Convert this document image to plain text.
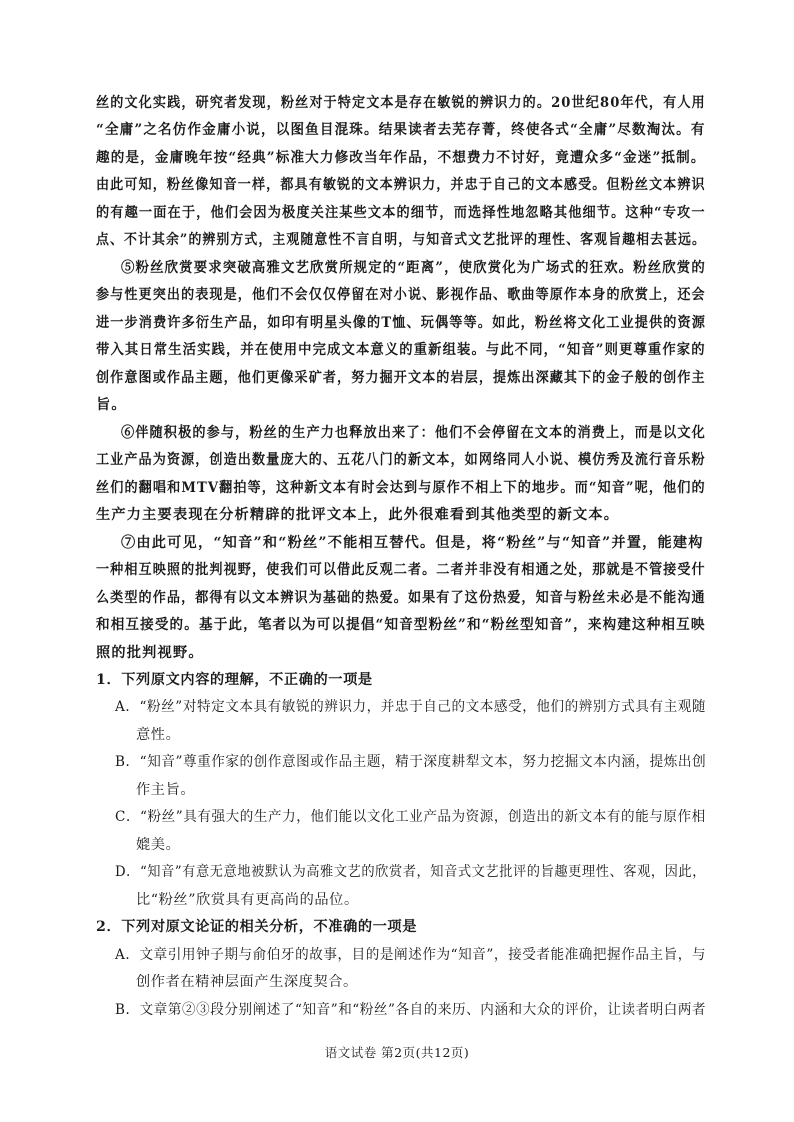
丝的文化实践，研究者发现，粉丝对于特定文本是存在敏锐的辨识力的。20世纪80年代，有人用
“全庸”之名仿作金庸小说，以图鱼目混珠。结果读者去芜存菁，终使各式“全庸”尽数淘汰。有
趣的是，金庸晚年按“经典”标准大力修改当年作品，不想费力不讨好，竟遭众多“金迷”抵制。
由此可知，粉丝像知音一样，都具有敏锐的文本辨识力，并忠于自己的文本感受。但粉丝文本辨识
的有趣一面在于，他们会因为极度关注某些文本的细节，而选择性地忽略其他细节。这种“专攻一
点、不计其余”的辨别方式，主观随意性不言自明，与知音式文艺批评的理性、客观旨趣相去甚远。
⑤粉丝欣赏要求突破高雅文艺欣赏所规定的“距离”，使欣赏化为广场式的狂欢。粉丝欣赏的
参与性更突出的表现是，他们不会仅仅停留在对小说、影视作品、歌曲等原作本身的欣赏上，还会
进一步消费许多衍生产品，如印有明星头像的T恤、玩偶等等。如此，粉丝将文化工业提供的资源
带入其日常生活实践，并在使用中完成文本意义的重新组装。与此不同，“知音”则更尊重作家的
创作意图或作品主题，他们更像采矿者，努力掘开文本的岩层，提炼出深藏其下的金子般的创作主
旨。
⑥伴随积极的参与，粉丝的生产力也释放出来了：他们不会停留在文本的消费上，而是以文化
工业产品为资源，创造出数量庞大的、五花八门的新文本，如网络同人小说、模仿秀及流行音乐粉
丝们的翻唱和MTV翻拍等，这种新文本有时会达到与原作不相上下的地步。而“知音”呢，他们的
生产力主要表现在分析精辟的批评文本上，此外很难看到其他类型的新文本。
⑦由此可见，“知音”和“粉丝”不能相互替代。但是，将“粉丝”与“知音”并置，能建构
一种相互映照的批判视野，使我们可以借此反观二者。二者并非没有相通之处，那就是不管接受什
么类型的作品，都得有以文本辨识为基础的热爱。如果有了这份热爱，知音与粉丝未必是不能沟通
和相互接受的。基于此，笔者以为可以提倡“知音型粉丝”和“粉丝型知音”，来构建这种相互映
照的批判视野。
1．下列原文内容的理解，不正确的一项是
A．“粉丝”对特定文本具有敏锐的辨识力，并忠于自己的文本感受，他们的辨别方式具有主观随
意性。
B．“知音”尊重作家的创作意图或作品主题，精于深度耕犁文本，努力挖掘文本内涵，提炼出创
作主旨。
C．“粉丝”具有强大的生产力，他们能以文化工业产品为资源，创造出的新文本有的能与原作相
媲美。
D．“知音”有意无意地被默认为高雅文艺的欣赏者，知音式文艺批评的旨趣更理性、客观，因此，
比“粉丝”欣赏具有更高尚的品位。
2．下列对原文论证的相关分析，不准确的一项是
A．文章引用钟子期与俞伯牙的故事，目的是阐述作为“知音”，接受者能准确把握作品主旨，与
创作者在精神层面产生深度契合。
B．文章第②③段分别阐述了“知音”和“粉丝”各自的来历、内涵和大众的评价，让读者明白两者
语文试卷 第2页(共12页)
